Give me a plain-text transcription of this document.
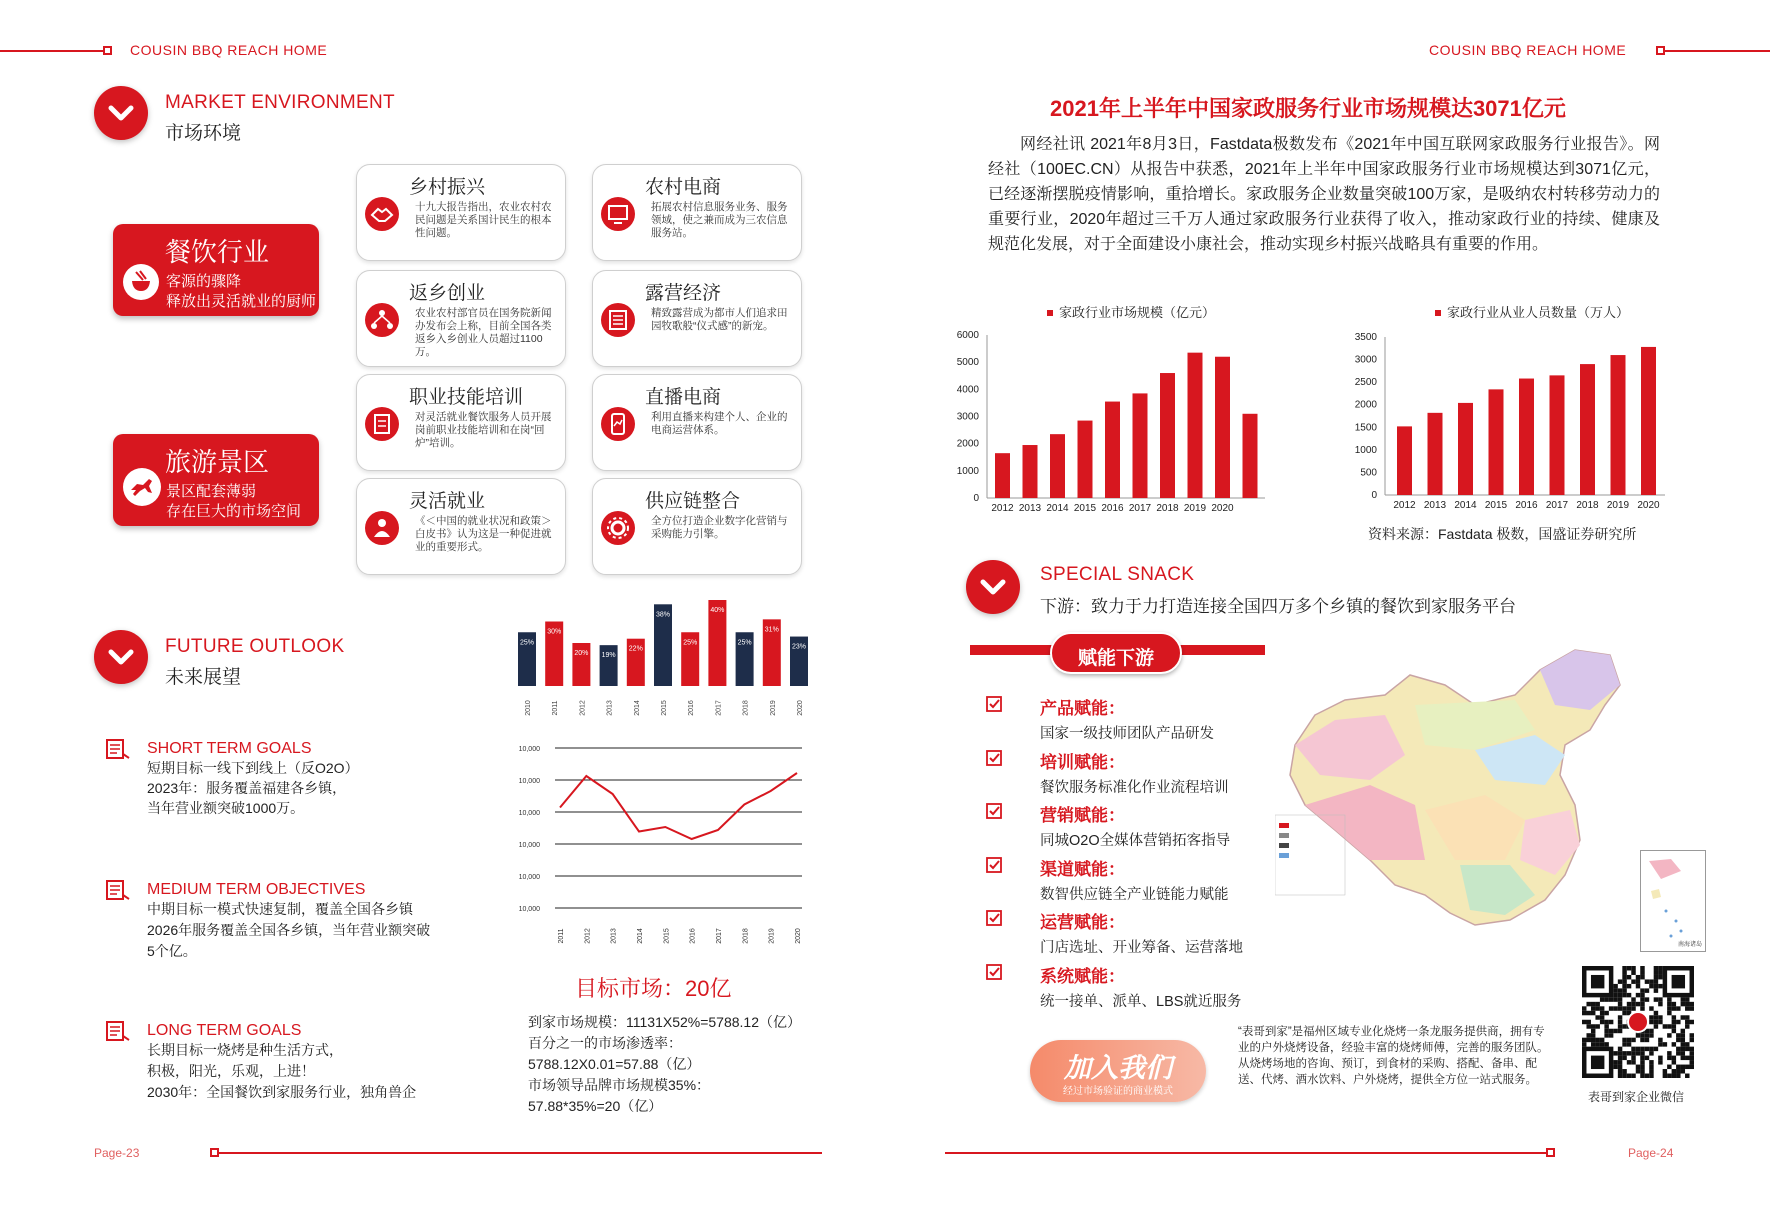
COUSIN BBQ REACH HOME	COUSIN BBQ REACH HOME
MARKET ENVIRONMENT
市场环境
餐饮行业
客源的骤降
释放出灵活就业的厨师
旅游景区
景区配套薄弱
存在巨大的市场空间
乡村振兴
十九大报告指出，农业农村农民问题是关系国计民生的根本性问题。
农村电商
拓展农村信息服务业务、服务领域，使之兼而成为三农信息服务站。
返乡创业
农业农村部官员在国务院新闻办发布会上称，目前全国各类返乡入乡创业人员超过1100万。
露营经济
精致露营成为都市人们追求田园牧歌般“仪式感”的新宠。
职业技能培训
对灵活就业餐饮服务人员开展岗前职业技能培训和在岗“回炉”培训。
直播电商
利用直播来构建个人、企业的电商运营体系。
灵活就业
《＜中国的就业状况和政策＞白皮书》认为这是一种促进就业的重要形式。
供应链整合
全方位打造企业数字化营销与采购能力引擎。
FUTURE OUTLOOK
未来展望
SHORT TERM GOALS
短期目标一线下到线上（反O2O）
2023年：服务覆盖福建各乡镇，
当年营业额突破1000万。
MEDIUM TERM OBJECTIVES
中期目标一模式快速复制，覆盖全国各乡镇
2026年服务覆盖全国各乡镇，当年营业额突破
5个亿。
LONG TERM GOALS
长期目标一烧烤是种生活方式，
积极，阳光，乐观，上进！
2030年：全国餐饮到家服务行业，独角兽企
25%
2010
30%
2011
20%
2012
19%
2013
22%
2014
38%
2015
25%
2016
40%
2017
25%
2018
31%
2019
23%
2020
10,000
10,000
10,000
10,000
10,000
10,000
2011	2012	2013	2014	2015	2016	2017	2018	2019	2020
目标市场：20亿
到家市场规模：11131X52%=5788.12（亿）
百分之一的市场渗透率：
5788.12X0.01=57.88（亿）
市场领导品牌市场规模35%：
57.88*35%=20（亿）
Page-23
2021年上半年中国家政服务行业市场规模达3071亿元
网经社讯 2021年8月3日，Fastdata极数发布《2021年中国互联网家政服务行业报告》。网经社（100EC.CN）从报告中获悉，2021年上半年中国家政服务行业市场规模达到3071亿元，已经逐渐摆脱疫情影响，重拾增长。家政服务企业数量突破100万家，是吸纳农村转移劳动力的重要行业，2020年超过三千万人通过家政服务行业获得了收入，推动家政行业的持续、健康及规范化发展，对于全面建设小康社会，推动实现乡村振兴战略具有重要的作用。
家政行业市场规模（亿元）
0
1000
2000
3000
4000
5000
6000
2012 2013 2014 2015 2016 2017 2018 2019 2020
家政行业从业人员数量（万人）
0
500
1000
1500
2000
2500
3000
3500
2012 2013 2014 2015 2016 2017 2018 2019 2020
资料来源：Fastdata 极数，国盛证券研究所
SPECIAL SNACK
下游：致力于力打造连接全国四万多个乡镇的餐饮到家服务平台
赋能下游
产品赋能：
国家一级技师团队产品研发
培训赋能：
餐饮服务标准化作业流程培训
营销赋能：
同城O2O全媒体营销拓客指导
渠道赋能：
数智供应链全产业链能力赋能
运营赋能：
门店选址、开业筹备、运营落地
系统赋能：
统一接单、派单、LBS就近服务
南海诸岛
加入我们
经过市场验证的商业模式
“表哥到家”是福州区域专业化烧烤一条龙服务提供商，拥有专业的户外烧烤设备，经验丰富的烧烤师傅，完善的服务团队。从烧烤场地的咨询、预订，到食材的采购、搭配、备串、配送、代烤、酒水饮料、户外烧烤，提供全方位一站式服务。
表哥到家企业微信
Page-24
